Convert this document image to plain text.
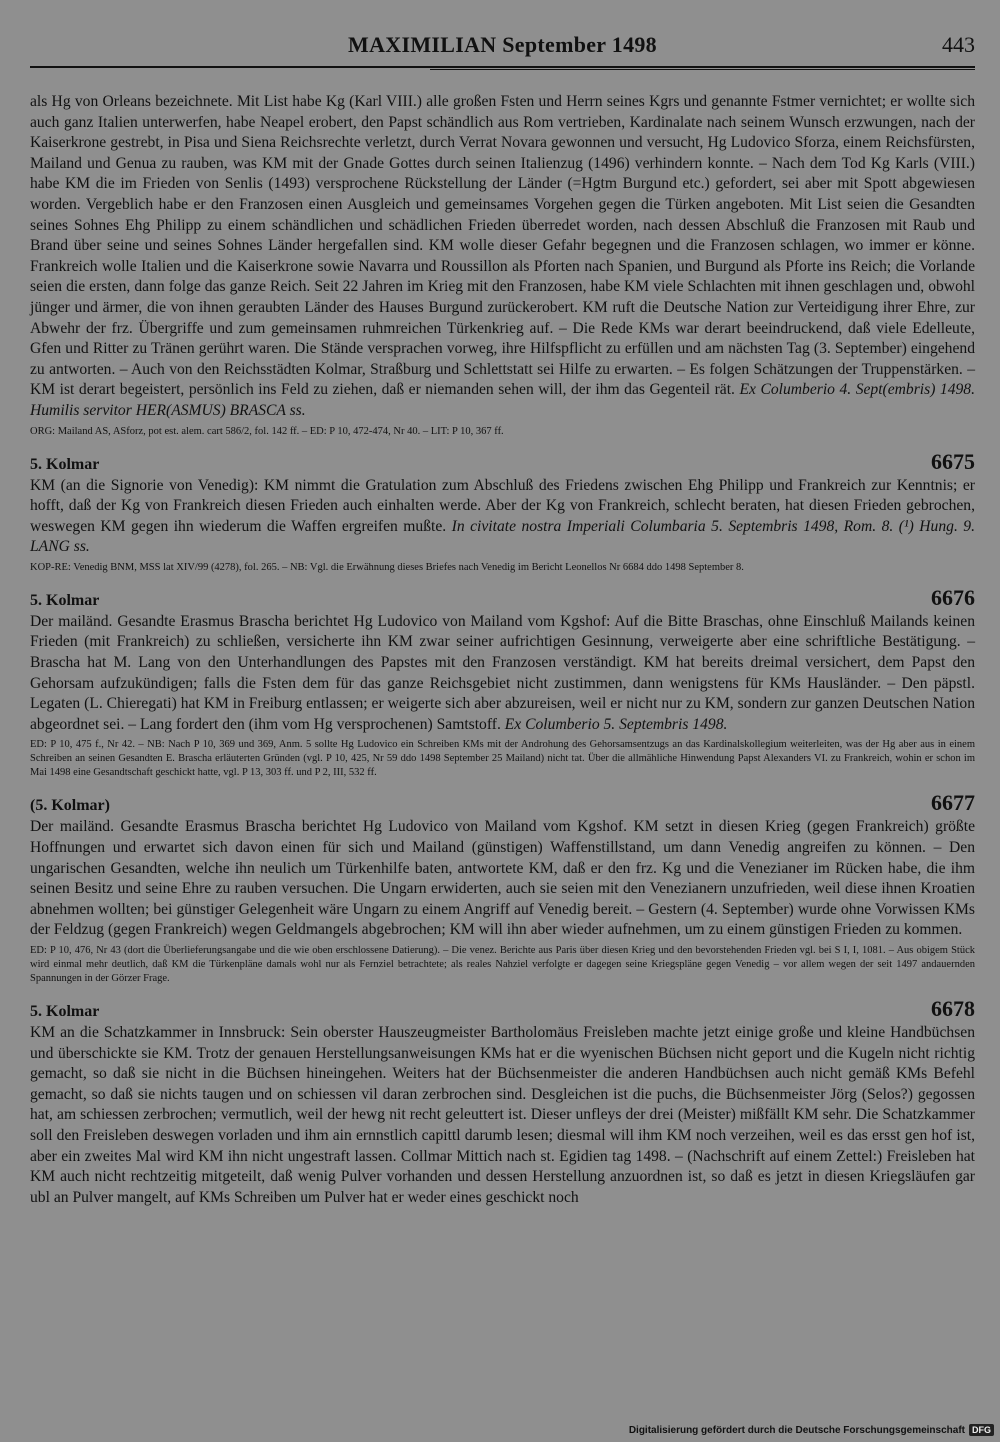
MAXIMILIAN September 1498	443
als Hg von Orleans bezeichnete. Mit List habe Kg (Karl VIII.) alle großen Fsten und Herrn seines Kgrs und genannte Fstmer vernichtet; er wollte sich auch ganz Italien unterwerfen, habe Neapel erobert, den Papst schändlich aus Rom vertrieben, Kardinalate nach seinem Wunsch erzwungen, nach der Kaiserkrone gestrebt, in Pisa und Siena Reichsrechte verletzt, durch Verrat Novara gewonnen und versucht, Hg Ludovico Sforza, einem Reichsfürsten, Mailand und Genua zu rauben, was KM mit der Gnade Gottes durch seinen Italienzug (1496) verhindern konnte. – Nach dem Tod Kg Karls (VIII.) habe KM die im Frieden von Senlis (1493) versprochene Rückstellung der Länder (=Hgtm Burgund etc.) gefordert, sei aber mit Spott abgewiesen worden. Vergeblich habe er den Franzosen einen Ausgleich und gemeinsames Vorgehen gegen die Türken angeboten. Mit List seien die Gesandten seines Sohnes Ehg Philipp zu einem schändlichen und schädlichen Frieden überredet worden, nach dessen Abschluß die Franzosen mit Raub und Brand über seine und seines Sohnes Länder hergefallen sind. KM wolle dieser Gefahr begegnen und die Franzosen schlagen, wo immer er könne. Frankreich wolle Italien und die Kaiserkrone sowie Navarra und Roussillon als Pforten nach Spanien, und Burgund als Pforte ins Reich; die Vorlande seien die ersten, dann folge das ganze Reich. Seit 22 Jahren im Krieg mit den Franzosen, habe KM viele Schlachten mit ihnen geschlagen und, obwohl jünger und ärmer, die von ihnen geraubten Länder des Hauses Burgund zurückerobert. KM ruft die Deutsche Nation zur Verteidigung ihrer Ehre, zur Abwehr der frz. Übergriffe und zum gemeinsamen ruhmreichen Türkenkrieg auf. – Die Rede KMs war derart beeindruckend, daß viele Edelleute, Gfen und Ritter zu Tränen gerührt waren. Die Stände versprachen vorweg, ihre Hilfspflicht zu erfüllen und am nächsten Tag (3. September) eingehend zu antworten. – Auch von den Reichsstädten Kolmar, Straßburg und Schlettstatt sei Hilfe zu erwarten. – Es folgen Schätzungen der Truppenstärken. – KM ist derart begeistert, persönlich ins Feld zu ziehen, daß er niemanden sehen will, der ihm das Gegenteil rät. Ex Columberio 4. Sept(embris) 1498. Humilis servitor HER(ASMUS) BRASCA ss.
ORG: Mailand AS, ASforz, pot est. alem. cart 586/2, fol. 142 ff. – ED: P 10, 472-474, Nr 40. – LIT: P 10, 367 ff.
5. Kolmar	6675
KM (an die Signorie von Venedig): KM nimmt die Gratulation zum Abschluß des Friedens zwischen Ehg Philipp und Frankreich zur Kenntnis; er hofft, daß der Kg von Frankreich diesen Frieden auch einhalten werde. Aber der Kg von Frankreich, schlecht beraten, hat diesen Frieden gebrochen, weswegen KM gegen ihn wiederum die Waffen ergreifen mußte. In civitate nostra Imperiali Columbaria 5. Septembris 1498, Rom. 8. (¹) Hung. 9. LANG ss.
KOP-RE: Venedig BNM, MSS lat XIV/99 (4278), fol. 265. – NB: Vgl. die Erwähnung dieses Briefes nach Venedig im Bericht Leonellos Nr 6684 ddo 1498 September 8.
5. Kolmar	6676
Der mailänd. Gesandte Erasmus Brascha berichtet Hg Ludovico von Mailand vom Kgshof: Auf die Bitte Braschas, ohne Einschluß Mailands keinen Frieden (mit Frankreich) zu schließen, versicherte ihn KM zwar seiner aufrichtigen Gesinnung, verweigerte aber eine schriftliche Bestätigung. – Brascha hat M. Lang von den Unterhandlungen des Papstes mit den Franzosen verständigt. KM hat bereits dreimal versichert, dem Papst den Gehorsam aufzukündigen; falls die Fsten dem für das ganze Reichsgebiet nicht zustimmen, dann wenigstens für KMs Hausländer. – Den päpstl. Legaten (L. Chieregati) hat KM in Freiburg entlassen; er weigerte sich aber abzureisen, weil er nicht nur zu KM, sondern zur ganzen Deutschen Nation abgeordnet sei. – Lang fordert den (ihm vom Hg versprochenen) Samtstoff. Ex Columberio 5. Septembris 1498.
ED: P 10, 475 f., Nr 42. – NB: Nach P 10, 369 und 369, Anm. 5 sollte Hg Ludovico ein Schreiben KMs mit der Androhung des Gehorsamsentzugs an das Kardinalskollegium weiterleiten, was der Hg aber aus in einem Schreiben an seinen Gesandten E. Brascha erläuterten Gründen (vgl. P 10, 425, Nr 59 ddo 1498 September 25 Mailand) nicht tat. Über die allmähliche Hinwendung Papst Alexanders VI. zu Frankreich, wohin er schon im Mai 1498 eine Gesandtschaft geschickt hatte, vgl. P 13, 303 ff. und P 2, III, 532 ff.
(5. Kolmar)	6677
Der mailänd. Gesandte Erasmus Brascha berichtet Hg Ludovico von Mailand vom Kgshof. KM setzt in diesen Krieg (gegen Frankreich) größte Hoffnungen und erwartet sich davon einen für sich und Mailand (günstigen) Waffenstillstand, um dann Venedig angreifen zu können. – Den ungarischen Gesandten, welche ihn neulich um Türkenhilfe baten, antwortete KM, daß er den frz. Kg und die Venezianer im Rücken habe, die ihm seinen Besitz und seine Ehre zu rauben versuchen. Die Ungarn erwiderten, auch sie seien mit den Venezianern unzufrieden, weil diese ihnen Kroatien abnehmen wollten; bei günstiger Gelegenheit wäre Ungarn zu einem Angriff auf Venedig bereit. – Gestern (4. September) wurde ohne Vorwissen KMs der Feldzug (gegen Frankreich) wegen Geldmangels abgebrochen; KM will ihn aber wieder aufnehmen, um zu einem günstigen Frieden zu kommen.
ED: P 10, 476, Nr 43 (dort die Überlieferungsangabe und die wie oben erschlossene Datierung). – Die venez. Berichte aus Paris über diesen Krieg und den bevorstehenden Frieden vgl. bei S I, I, 1081. – Aus obigem Stück wird einmal mehr deutlich, daß KM die Türkenpläne damals wohl nur als Fernziel betrachtete; als reales Nahziel verfolgte er dagegen seine Kriegspläne gegen Venedig – vor allem wegen der seit 1497 andauernden Spannungen in der Görzer Frage.
5. Kolmar	6678
KM an die Schatzkammer in Innsbruck: Sein oberster Hauszeugmeister Bartholomäus Freisleben machte jetzt einige große und kleine Handbüchsen und überschickte sie KM. Trotz der genauen Herstellungsanweisungen KMs hat er die wyenischen Büchsen nicht geport und die Kugeln nicht richtig gemacht, so daß sie nicht in die Büchsen hineingehen. Weiters hat der Büchsenmeister die anderen Handbüchsen auch nicht gemäß KMs Befehl gemacht, so daß sie nichts taugen und on schiessen vil daran zerbrochen sind. Desgleichen ist die puchs, die Büchsenmeister Jörg (Selos?) gegossen hat, am schiessen zerbrochen; vermutlich, weil der hewg nit recht geleuttert ist. Dieser unfleys der drei (Meister) mißfällt KM sehr. Die Schatzkammer soll den Freisleben deswegen vorladen und ihm ain ernnstlich capittl darumb lesen; diesmal will ihm KM noch verzeihen, weil es das ersst gen hof ist, aber ein zweites Mal wird KM ihn nicht ungestraft lassen. Collmar Mittich nach st. Egidien tag 1498. – (Nachschrift auf einem Zettel:) Freisleben hat KM auch nicht rechtzeitig mitgeteilt, daß wenig Pulver vorhanden und dessen Herstellung anzuordnen ist, so daß es jetzt in diesen Kriegsläufen gar ubl an Pulver mangelt, auf KMs Schreiben um Pulver hat er weder eines geschickt noch
Digitalisierung gefördert durch die Deutsche Forschungsgemeinschaft DFG
